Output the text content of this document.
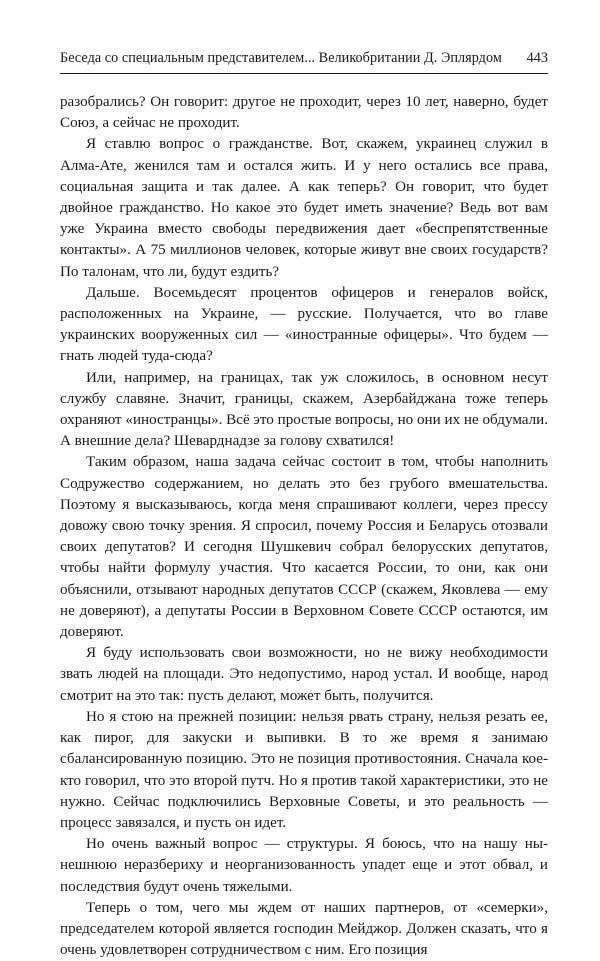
Беседа со специальным представителем... Великобритании Д. Эплярдом 443

разобрались? Он говорит: другое не проходит, через 10 лет, наверно, будет Союз, а сейчас не проходит.

Я ставлю вопрос о гражданстве. Вот, скажем, украинец служил в Алма-Ате, женился там и остался жить. И у него остались все права, социальная защита и так далее. А как теперь? Он говорит, что будет двойное гражданство. Но какое это будет иметь значение? Ведь вот вам уже Украина вместо свободы передвижения дает «беспрепятственные контакты». А 75 миллионов человек, которые живут вне своих государств? По талонам, что ли, будут ездить?

Дальше. Восемьдесят процентов офицеров и генералов войск, расположенных на Украине, — русские. Получается, что во главе украинских вооруженных сил — «иностранные офицеры». Что будем — гнать людей туда-сюда?

Или, например, на границах, так уж сложилось, в основном несут службу славяне. Значит, границы, скажем, Азербайджана тоже теперь охраняют «иностранцы». Всё это простые вопросы, но они их не обдумали. А внешние дела? Шеварднадзе за голову схватился!

Таким образом, наша задача сейчас состоит в том, чтобы наполнить Содружество содержанием, но делать это без грубого вмешательства. Поэтому я высказываюсь, когда меня спрашивают коллеги, через прессу довожу свою точку зрения. Я спросил, почему Россия и Беларусь отозвали своих депутатов? И сегодня Шушкевич собрал белорусских депутатов, чтобы найти формулу участия. Что касается России, то они, как они объяснили, отзывают народных депутатов СССР (скажем, Яковлева — ему не доверяют), а депутаты России в Верховном Совете СССР остаются, им доверяют.

Я буду использовать свои возможности, но не вижу необходимости звать людей на площади. Это недопустимо, народ устал. И вообще, народ смотрит на это так: пусть делают, может быть, получится.

Но я стою на прежней позиции: нельзя рвать страну, нельзя резать ее, как пирог, для закуски и выпивки. В то же время я занимаю сбалансированную позицию. Это не позиция противостояния. Сначала кое-кто говорил, что это второй путч. Но я против такой характеристики, это не нужно. Сейчас подключились Верховные Советы, и это реальность — процесс завязался, и пусть он идет.

Но очень важный вопрос — структуры. Я боюсь, что на нашу нынешнюю неразбериху и неорганизованность упадет еще и этот обвал, и последствия будут очень тяжелыми.

Теперь о том, чего мы ждем от наших партнеров, от «семерки», председателем которой является господин Мейджор. Должен сказать, что я очень удовлетворен сотрудничеством с ним. Его позиция
